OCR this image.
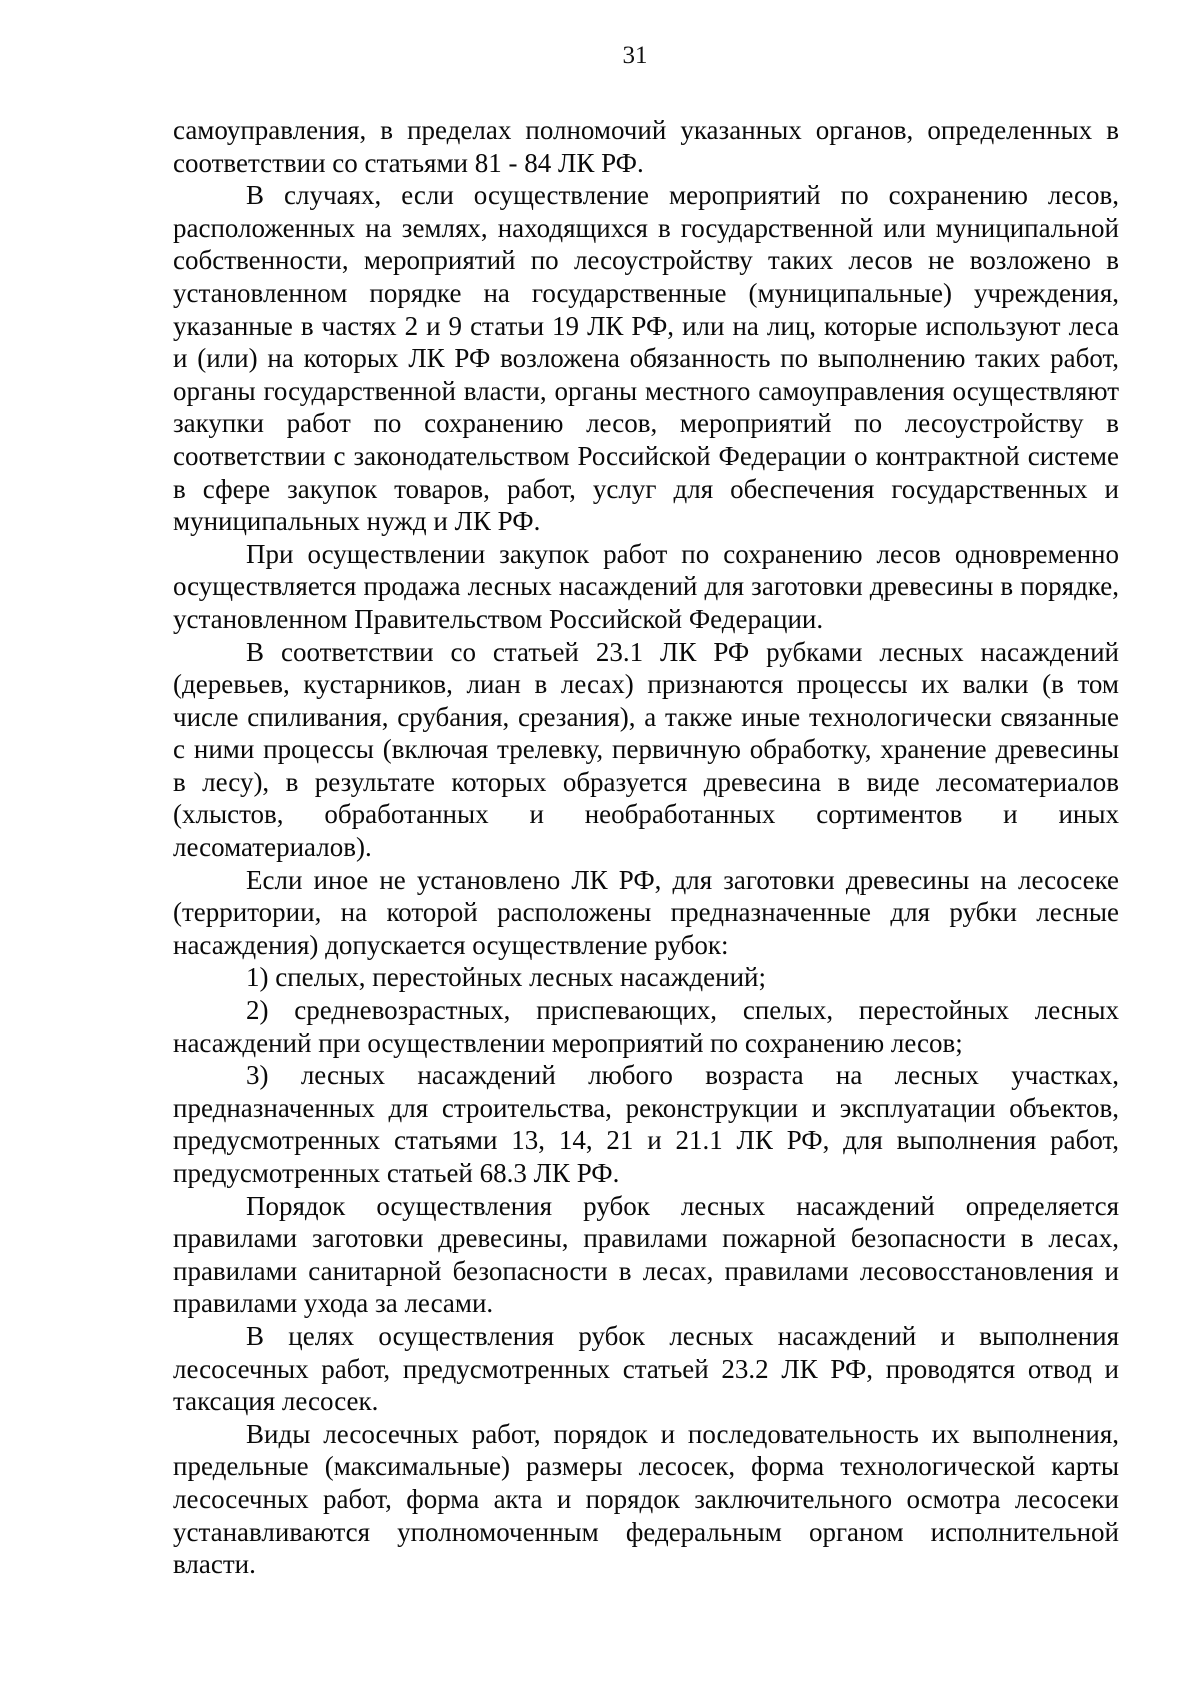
31

самоуправления, в пределах полномочий указанных органов, определенных в соответствии со статьями 81 - 84 ЛК РФ.

В случаях, если осуществление мероприятий по сохранению лесов, расположенных на землях, находящихся в государственной или муниципальной собственности, мероприятий по лесоустройству таких лесов не возложено в установленном порядке на государственные (муниципальные) учреждения, указанные в частях 2 и 9 статьи 19 ЛК РФ, или на лиц, которые используют леса и (или) на которых ЛК РФ возложена обязанность по выполнению таких работ, органы государственной власти, органы местного самоуправления осуществляют закупки работ по сохранению лесов, мероприятий по лесоустройству в соответствии с законодательством Российской Федерации о контрактной системе в сфере закупок товаров, работ, услуг для обеспечения государственных и муниципальных нужд и ЛК РФ.

При осуществлении закупок работ по сохранению лесов одновременно осуществляется продажа лесных насаждений для заготовки древесины в порядке, установленном Правительством Российской Федерации.

В соответствии со статьей 23.1 ЛК РФ рубками лесных насаждений (деревьев, кустарников, лиан в лесах) признаются процессы их валки (в том числе спиливания, срубания, срезания), а также иные технологически связанные с ними процессы (включая трелевку, первичную обработку, хранение древесины в лесу), в результате которых образуется древесина в виде лесоматериалов (хлыстов, обработанных и необработанных сортиментов и иных лесоматериалов).

Если иное не установлено ЛК РФ, для заготовки древесины на лесосеке (территории, на которой расположены предназначенные для рубки лесные насаждения) допускается осуществление рубок:

1) спелых, перестойных лесных насаждений;

2) средневозрастных, приспевающих, спелых, перестойных лесных насаждений при осуществлении мероприятий по сохранению лесов;

3) лесных насаждений любого возраста на лесных участках, предназначенных для строительства, реконструкции и эксплуатации объектов, предусмотренных статьями 13, 14, 21 и 21.1 ЛК РФ, для выполнения работ, предусмотренных статьей 68.3 ЛК РФ.

Порядок осуществления рубок лесных насаждений определяется правилами заготовки древесины, правилами пожарной безопасности в лесах, правилами санитарной безопасности в лесах, правилами лесовосстановления и правилами ухода за лесами.

В целях осуществления рубок лесных насаждений и выполнения лесосечных работ, предусмотренных статьей 23.2 ЛК РФ, проводятся отвод и таксация лесосек.

Виды лесосечных работ, порядок и последовательность их выполнения, предельные (максимальные) размеры лесосек, форма технологической карты лесосечных работ, форма акта и порядок заключительного осмотра лесосеки устанавливаются уполномоченным федеральным органом исполнительной власти.
